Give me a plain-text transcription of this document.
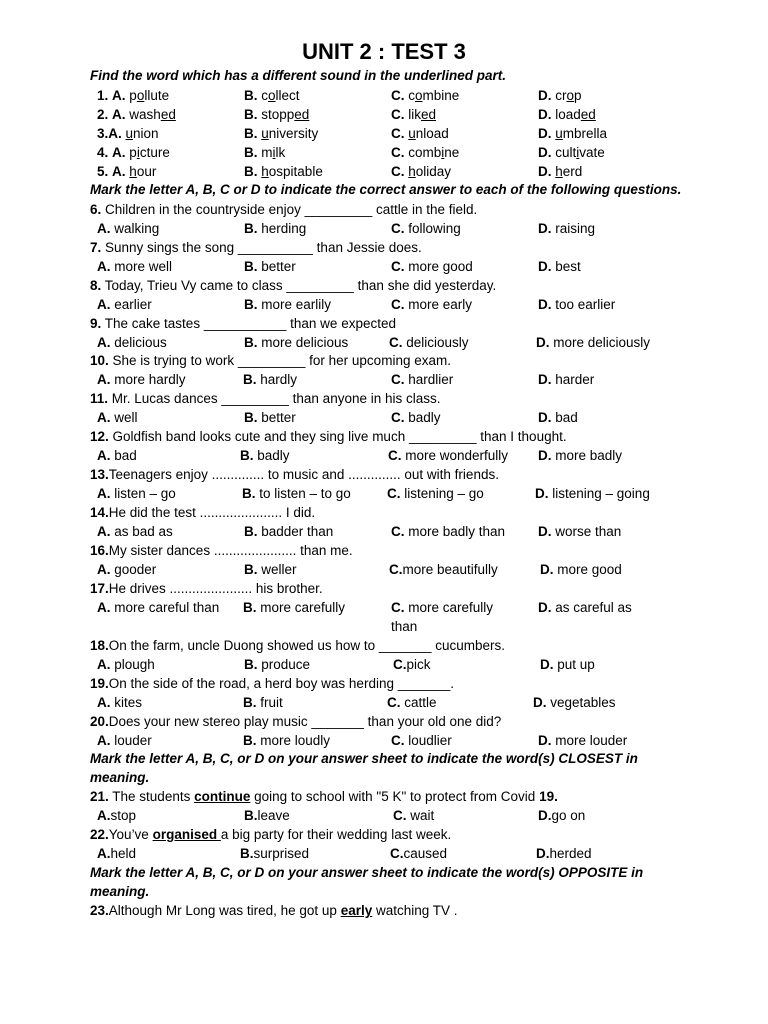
UNIT 2 : TEST 3
Find the word which has a different sound in the underlined part.
1. A. pollute	B. collect	C. combine	D. crop
2. A. washed	B. stopped	C. liked	D. loaded
3.A. union	B. university	C. unload	D. umbrella
4. A. picture	B. milk	C. combine	D. cultivate
5. A. hour	B. hospitable	C. holiday	D. herd
Mark the letter A, B, C or D to indicate the correct answer to each of the following questions.
6. Children in the countryside enjoy _________ cattle in the field.
A. walking	B. herding	C. following	D. raising
7. Sunny sings the song __________ than Jessie does.
A. more well	B. better	C. more good	D. best
8. Today, Trieu Vy came to class _________ than she did yesterday.
A. earlier	B. more earlily	C. more early	D. too earlier
9. The cake tastes ___________ than we expected
A. delicious	B. more delicious	C. deliciously	D. more deliciously
10. She is trying to work _________ for her upcoming exam.
A. more hardly	B. hardly	C. hardlier	D. harder
11. Mr. Lucas dances _________ than anyone in his class.
A. well	B. better	C. badly	D. bad
12. Goldfish band looks cute and they sing live much _________ than I thought.
A. bad	B. badly	C. more wonderfully D. more badly
13.Teenagers enjoy .............. to music and .............. out with friends.
A. listen – go	B. to listen – to go	C. listening – go	D. listening – going
14.He did the test ...................... I did.
A. as bad as	B. badder than	C. more badly than D. worse than
16.My sister dances ...................... than me.
A. gooder	B. weller	C.more beautifully	D. more good
17.He drives ...................... his brother.
A. more careful than B. more carefully	C. more carefully than
D. as careful as
18.On the farm, uncle Duong showed us how to _______ cucumbers.
A. plough	B. produce	C.pick	D. put up
19.On the side of the road, a herd boy was herding _______.
A. kites	B. fruit	C. cattle	D. vegetables
20.Does your new stereo play music _______ than your old one did?
A. louder	B. more loudly	C. loudlier	D. more louder
Mark the letter A, B, C, or D on your answer sheet to indicate the word(s) CLOSEST in
meaning.
21. The students continue going to school with "5 K" to protect from Covid 19.
A.stop	B.leave	C. wait	D.go on
22.You’ve organised a big party for their wedding last week.
A.held	B.surprised	C.caused	D.herded
Mark the letter A, B, C, or D on your answer sheet to indicate the word(s) OPPOSITE in
meaning.
23.Although Mr Long was tired, he got up early watching TV .
